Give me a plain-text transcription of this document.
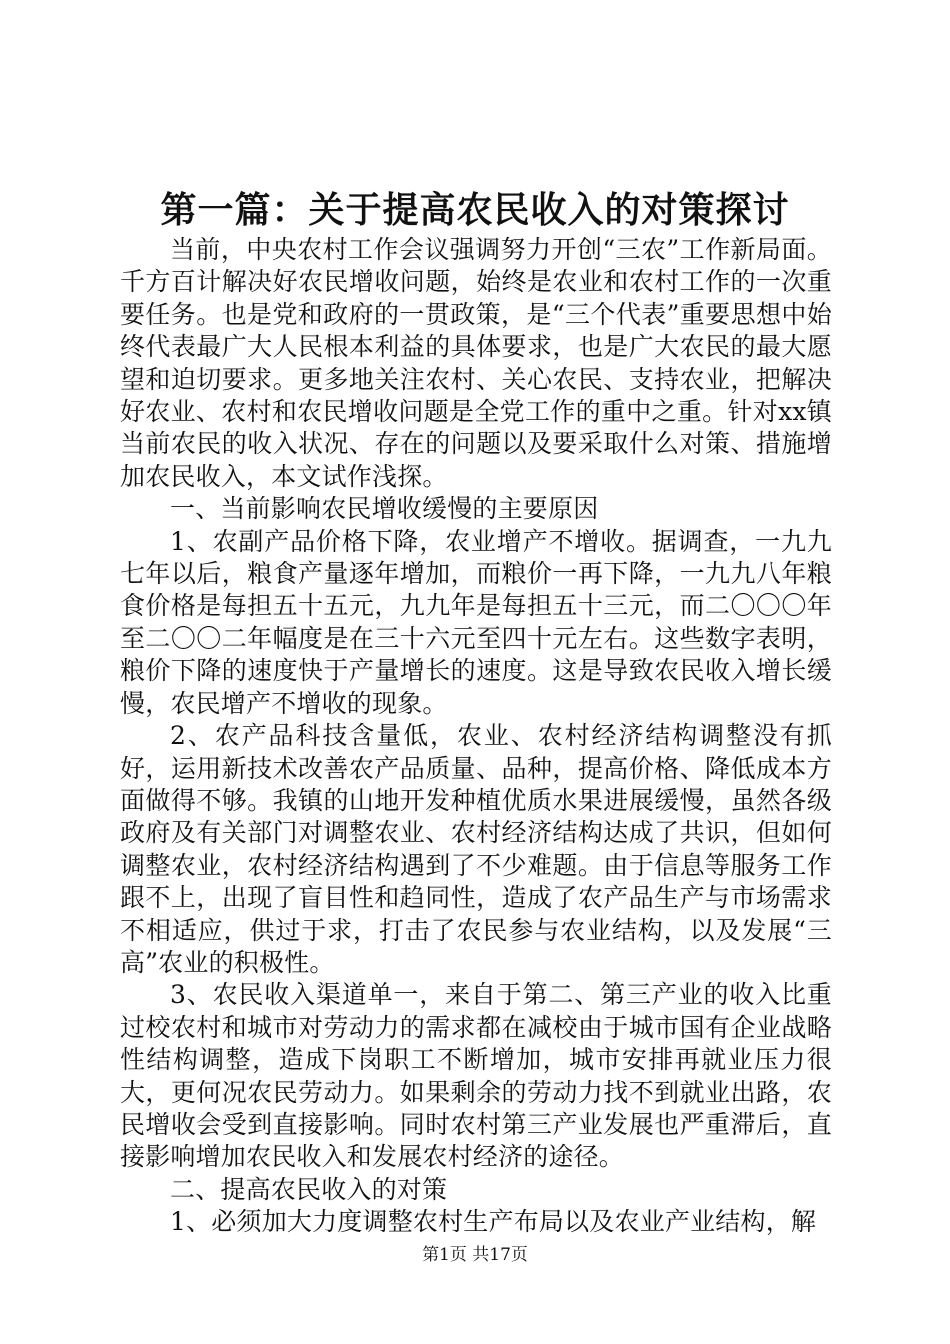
第一篇：关于提高农民收入的对策探讨

当前，中央农村工作会议强调努力开创“三农”工作新局面。千方百计解决好农民增收问题，始终是农业和农村工作的一次重要任务。也是党和政府的一贯政策，是“三个代表”重要思想中始终代表最广大人民根本利益的具体要求，也是广大农民的最大愿望和迫切要求。更多地关注农村、关心农民、支持农业，把解决好农业、农村和农民增收问题是全党工作的重中之重。针对xx镇当前农民的收入状况、存在的问题以及要采取什么对策、措施增加农民收入，本文试作浅探。

一、当前影响农民增收缓慢的主要原因

1、农副产品价格下降，农业增产不增收。据调查，一九九七年以后，粮食产量逐年增加，而粮价一再下降，一九九八年粮食价格是每担五十五元，九九年是每担五十三元，而二〇〇〇年至二〇〇二年幅度是在三十六元至四十元左右。这些数字表明，粮价下降的速度快于产量增长的速度。这是导致农民收入增长缓慢，农民增产不增收的现象。

2、农产品科技含量低，农业、农村经济结构调整没有抓好，运用新技术改善农产品质量、品种，提高价格、降低成本方面做得不够。我镇的山地开发种植优质水果进展缓慢，虽然各级政府及有关部门对调整农业、农村经济结构达成了共识，但如何调整农业，农村经济结构遇到了不少难题。由于信息等服务工作跟不上，出现了盲目性和趋同性，造成了农产品生产与市场需求不相适应，供过于求，打击了农民参与农业结构，以及发展“三高”农业的积极性。

3、农民收入渠道单一，来自于第二、第三产业的收入比重过校农村和城市对劳动力的需求都在减校由于城市国有企业战略性结构调整，造成下岗职工不断增加，城市安排再就业压力很大，更何况农民劳动力。如果剩余的劳动力找不到就业出路，农民增收会受到直接影响。同时农村第三产业发展也严重滞后，直接影响增加农民收入和发展农村经济的途径。

二、提高农民收入的对策

1、必须加大力度调整农村生产布局以及农业产业结构，解

第1页 共17页
